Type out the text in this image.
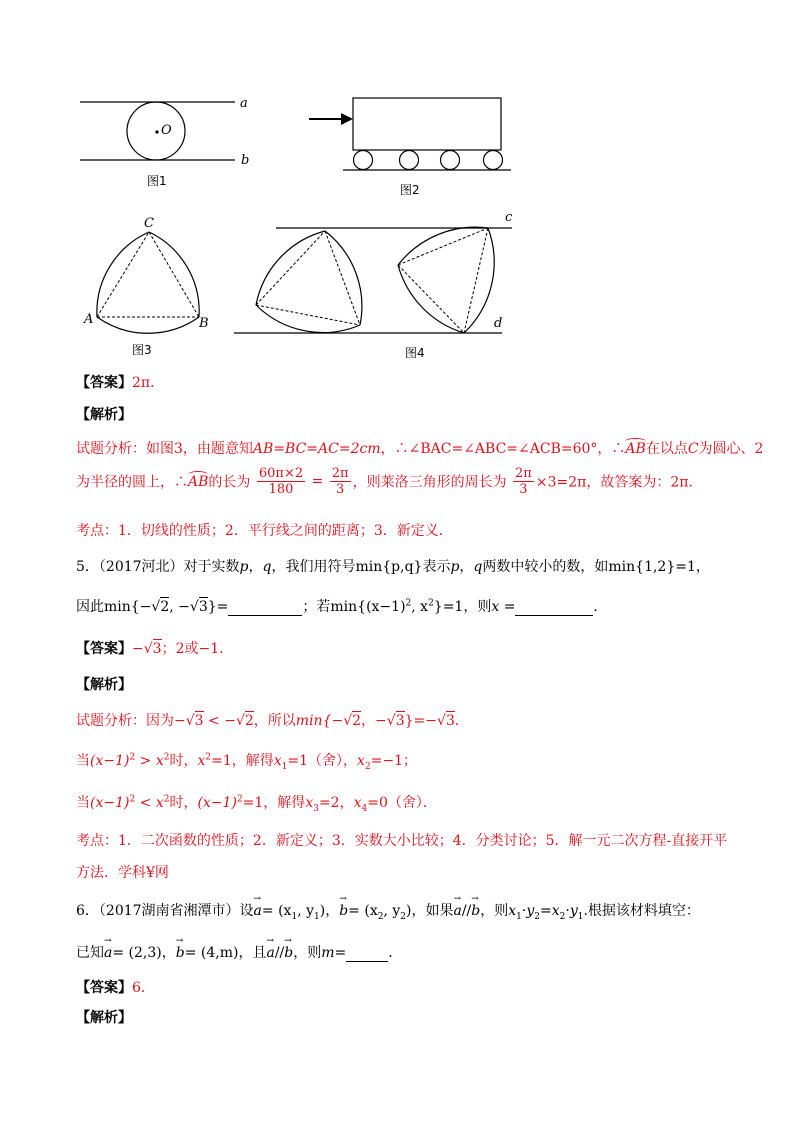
O
a
b
图1
图2
C
A	B
图3
c
d
图4
【答案】2π．
【解析】
试题分析：如图3，由题意知AB=BC=AC=2cm，∴∠BAC=∠ABC=∠ACB=60°，∴AB在以点C为圆心、2
为半径的圆上，∴AB的长为 $\frac{60\pi\times 2}{180} = \frac{2\pi}{3}$ ，则莱洛三角形的周长为 $\frac{2\pi}{3} \times 3=2\pi$，故答案为：2π．
考点：1．切线的性质；2．平行线之间的距离；3．新定义．
5．（2017河北）对于实数p，q，我们用符号min{p,q}表示p，q两数中较小的数，如min{1,2}=1，
因此min{−√2, −√3}=	；若$\min\{(x-1)^2$, $x^2\}=1$，则x =	．
【答案】−√3；2或−1．
【解析】
试题分析：因为−√3 < −√2，所以min{−√2，−√3}=−√3．
当$(x-1)^2 > x^2$时，$x^2=1$，解得$x_1=1$（舍），$x_2=-1$；
当$(x-1)^2 < x^2$时，$(x-1)^2=1$，解得$x_3=2$，$x_4=0$（舍）．
考点：1．二次函数的性质；2．新定义；3．实数大小比较；4．分类讨论；5．解一元二次方程-直接开平
方法．学科¥网
6．（2017湖南省湘潭市）设→ $a= (x_1$, $y_1$)，→ $b= (x_2$, $y_2$)，如果→ a//→ b，则$x_1\cdot y_2=x_2\cdot y_1$.根据该材料填空：
已知→ a= (2,3)，→ b= (4,m)，且→ a//→ b，则m=	．
【答案】6．
【解析】
